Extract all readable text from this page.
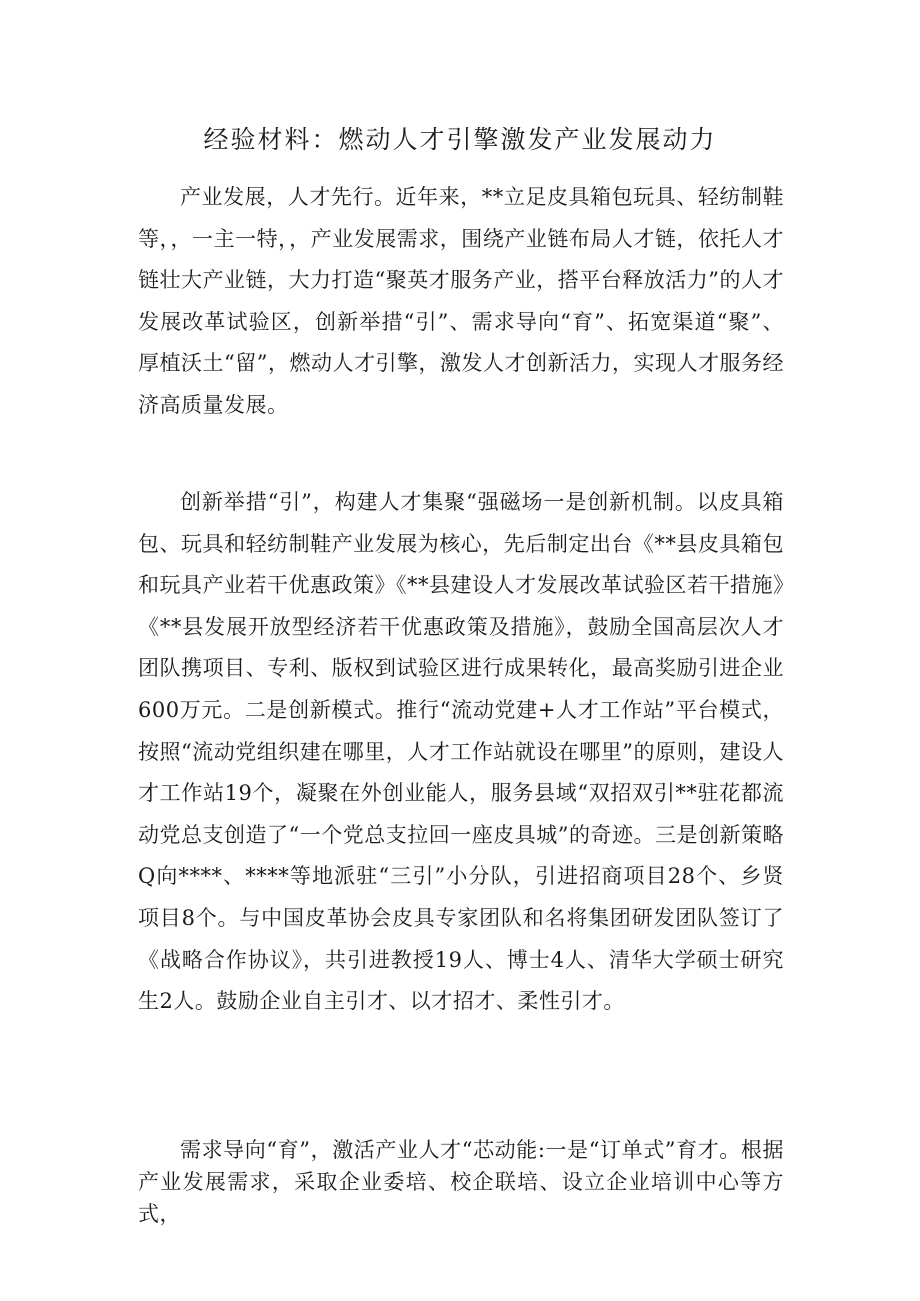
经验材料：燃动人才引擎激发产业发展动力

产业发展，人才先行。近年来，**立足皮具箱包玩具、轻纺制鞋等，，一主一特，，产业发展需求，围绕产业链布局人才链，依托人才链壮大产业链，大力打造“聚英才服务产业，搭平台释放活力”的人才发展改革试验区，创新举措“引”、需求导向“育”、拓宽渠道“聚”、厚植沃土“留”，燃动人才引擎，激发人才创新活力，实现人才服务经济高质量发展。

创新举措“引”，构建人才集聚“强磁场一是创新机制。以皮具箱包、玩具和轻纺制鞋产业发展为核心，先后制定出台《**县皮具箱包和玩具产业若干优惠政策》《**县建设人才发展改革试验区若干措施》《**县发展开放型经济若干优惠政策及措施》，鼓励全国高层次人才团队携项目、专利、版权到试验区进行成果转化，最高奖励引进企业600万元。二是创新模式。推行“流动党建+人才工作站”平台模式，按照“流动党组织建在哪里，人才工作站就设在哪里”的原则，建设人才工作站19个，凝聚在外创业能人，服务县域“双招双引**驻花都流动党总支创造了“一个党总支拉回一座皮具城”的奇迹。三是创新策略Q向****、****等地派驻“三引”小分队，引进招商项目28个、乡贤项目8个。与中国皮革协会皮具专家团队和名将集团研发团队签订了《战略合作协议》，共引进教授19人、博士4人、清华大学硕士研究生2人。鼓励企业自主引才、以才招才、柔性引才。

需求导向“育”，激活产业人才“芯动能:一是“订单式”育才。根据产业发展需求，采取企业委培、校企联培、设立企业培训中心等方式，
